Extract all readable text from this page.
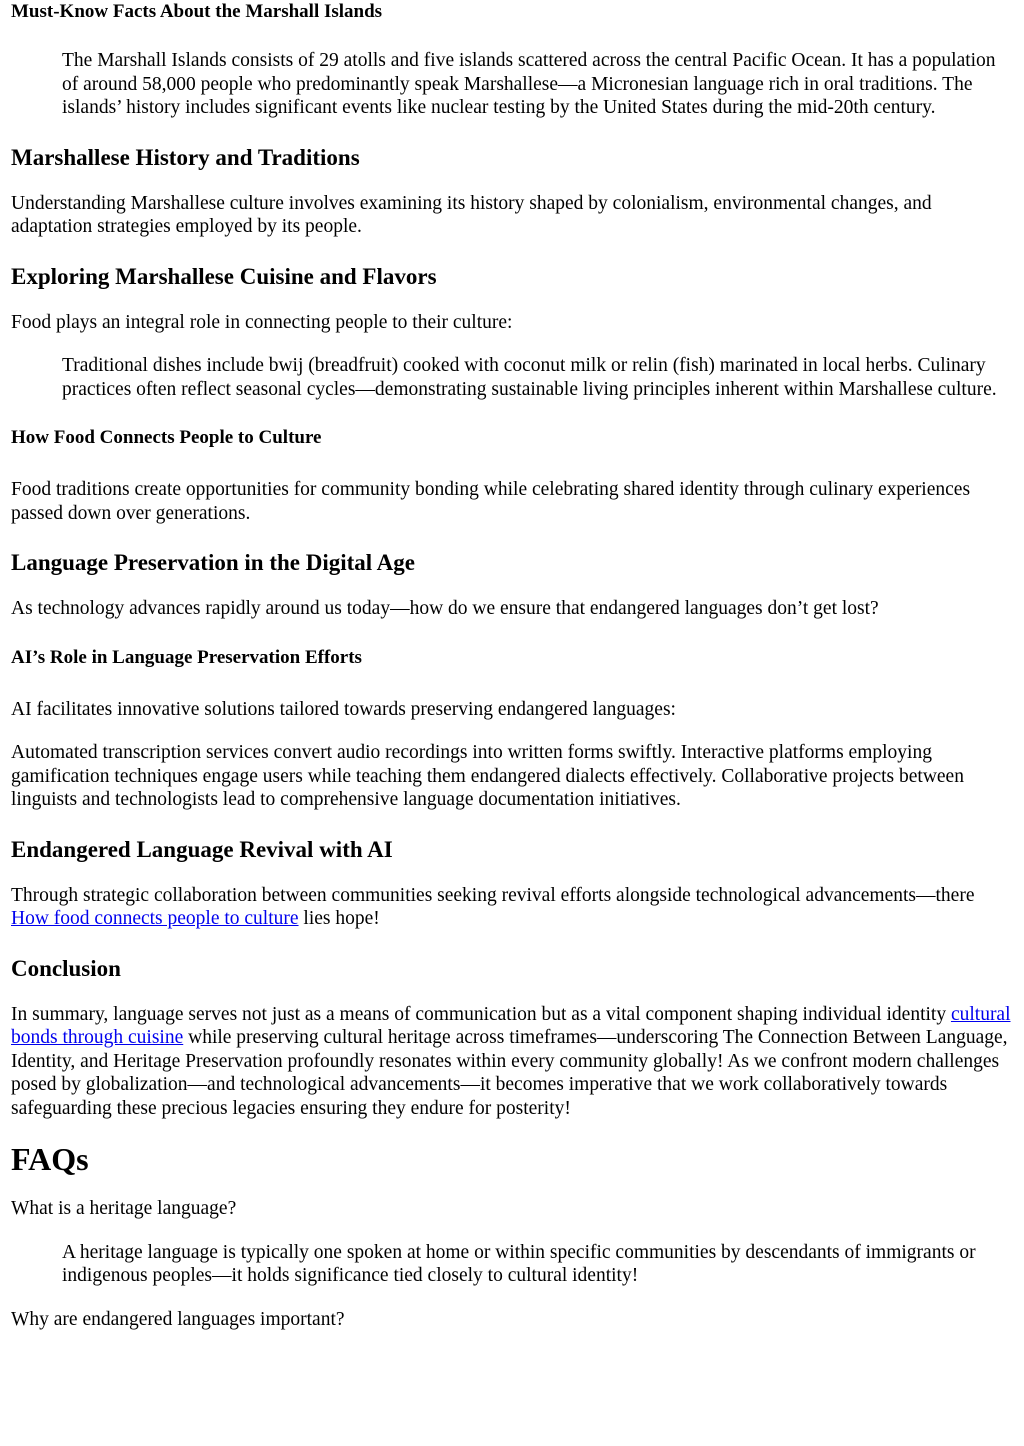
Must-Know Facts About the Marshall Islands

The Marshall Islands consists of 29 atolls and five islands scattered across the central Pacific Ocean. It has a population of around 58,000 people who predominantly speak Marshallese—a Micronesian language rich in oral traditions. The islands’ history includes significant events like nuclear testing by the United States during the mid-20th century.

Marshallese History and Traditions

Understanding Marshallese culture involves examining its history shaped by colonialism, environmental changes, and adaptation strategies employed by its people.

Exploring Marshallese Cuisine and Flavors

Food plays an integral role in connecting people to their culture:

Traditional dishes include bwij (breadfruit) cooked with coconut milk or relin (fish) marinated in local herbs. Culinary practices often reflect seasonal cycles—demonstrating sustainable living principles inherent within Marshallese culture.

How Food Connects People to Culture

Food traditions create opportunities for community bonding while celebrating shared identity through culinary experiences passed down over generations.

Language Preservation in the Digital Age

As technology advances rapidly around us today—how do we ensure that endangered languages don’t get lost?

AI’s Role in Language Preservation Efforts

AI facilitates innovative solutions tailored towards preserving endangered languages:

Automated transcription services convert audio recordings into written forms swiftly. Interactive platforms employing gamification techniques engage users while teaching them endangered dialects effectively. Collaborative projects between linguists and technologists lead to comprehensive language documentation initiatives.

Endangered Language Revival with AI

Through strategic collaboration between communities seeking revival efforts alongside technological advancements—there How food connects people to culture lies hope!

Conclusion

In summary, language serves not just as a means of communication but as a vital component shaping individual identity cultural bonds through cuisine while preserving cultural heritage across timeframes—underscoring The Connection Between Language, Identity, and Heritage Preservation profoundly resonates within every community globally! As we confront modern challenges posed by globalization—and technological advancements—it becomes imperative that we work collaboratively towards safeguarding these precious legacies ensuring they endure for posterity!

FAQs

What is a heritage language?

A heritage language is typically one spoken at home or within specific communities by descendants of immigrants or indigenous peoples—it holds significance tied closely to cultural identity!

Why are endangered languages important?
